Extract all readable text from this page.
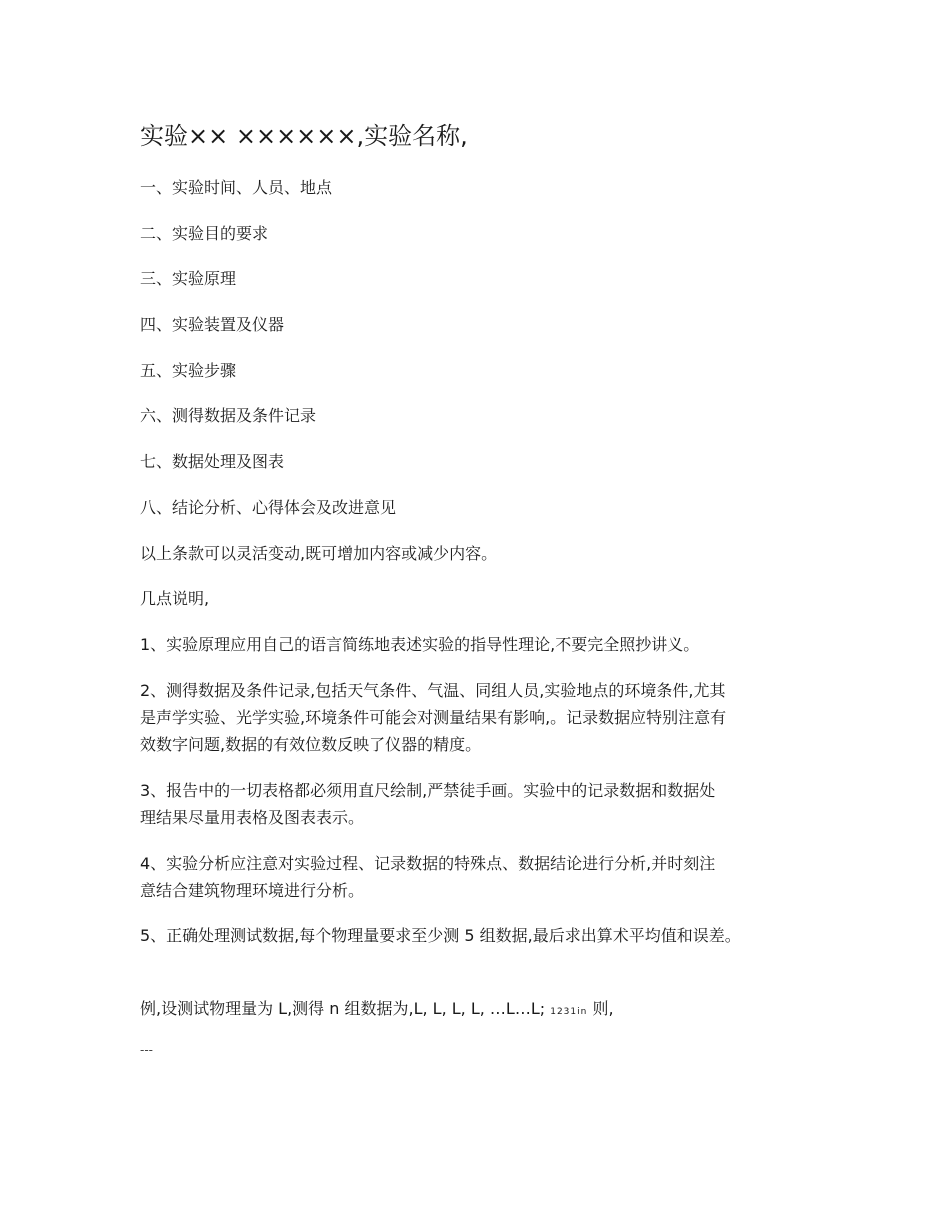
实验×× ××××××,实验名称,

一、实验时间、人员、地点

二、实验目的要求

三、实验原理

四、实验装置及仪器

五、实验步骤

六、测得数据及条件记录

七、数据处理及图表

八、结论分析、心得体会及改进意见

以上条款可以灵活变动,既可增加内容或减少内容。

几点说明,

1、实验原理应用自己的语言简练地表述实验的指导性理论,不要完全照抄讲义。

2、测得数据及条件记录,包括天气条件、气温、同组人员,实验地点的环境条件,尤其
是声学实验、光学实验,环境条件可能会对测量结果有影响,。记录数据应特别注意有
效数字问题,数据的有效位数反映了仪器的精度。
3、报告中的一切表格都必须用直尺绘制,严禁徒手画。实验中的记录数据和数据处
理结果尽量用表格及图表表示。
4、实验分析应注意对实验过程、记录数据的特殊点、数据结论进行分析,并时刻注
意结合建筑物理环境进行分析。

5、正确处理测试数据,每个物理量要求至少测 5 组数据,最后求出算术平均值和误差。

例,设测试物理量为 L,测得 n 组数据为,L, L, L, L, …L…L; 1231in 则,

---
